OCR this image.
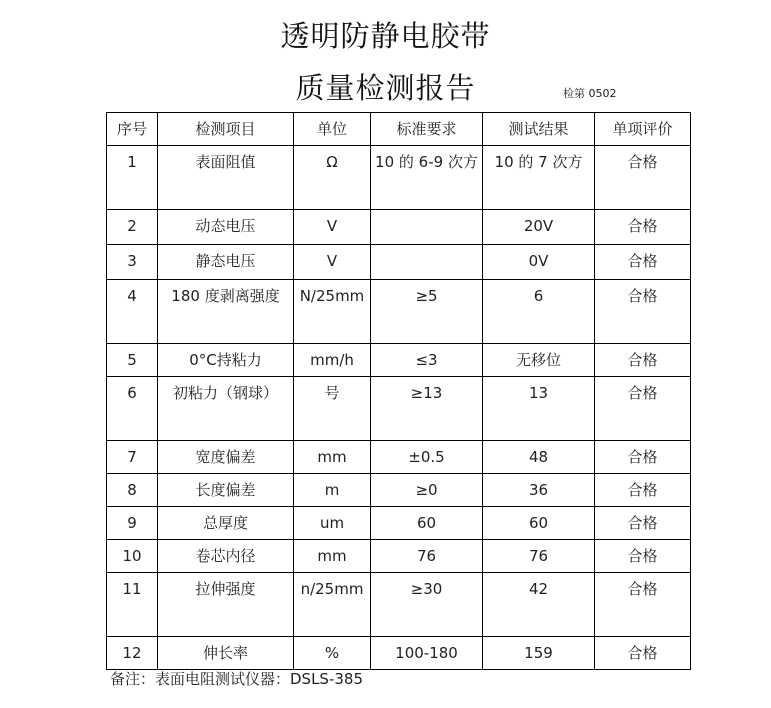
透明防静电胶带
质量检测报告	检第 0502
序号	检测项目	单位	标准要求	测试结果	单项评价
1	表面阻值	Ω	10 的 6-9 次方	10 的 7 次方	合格
2	动态电压	V		20V	合格
3	静态电压	V		0V	合格
4	180 度剥离强度	N/25mm	≥5	6	合格
5	0°C持粘力	mm/h	≤3	无移位	合格
6	初粘力（钢球）	号	≥13	13	合格
7	宽度偏差	mm	±0.5	48	合格
8	长度偏差	m	≥0	36	合格
9	总厚度	um	60	60	合格
10	卷芯内径	mm	76	76	合格
11	拉伸强度	n/25mm	≥30	42	合格
12	伸长率	%	100-180	159	合格
备注：表面电阻测试仪器：DSLS-385
